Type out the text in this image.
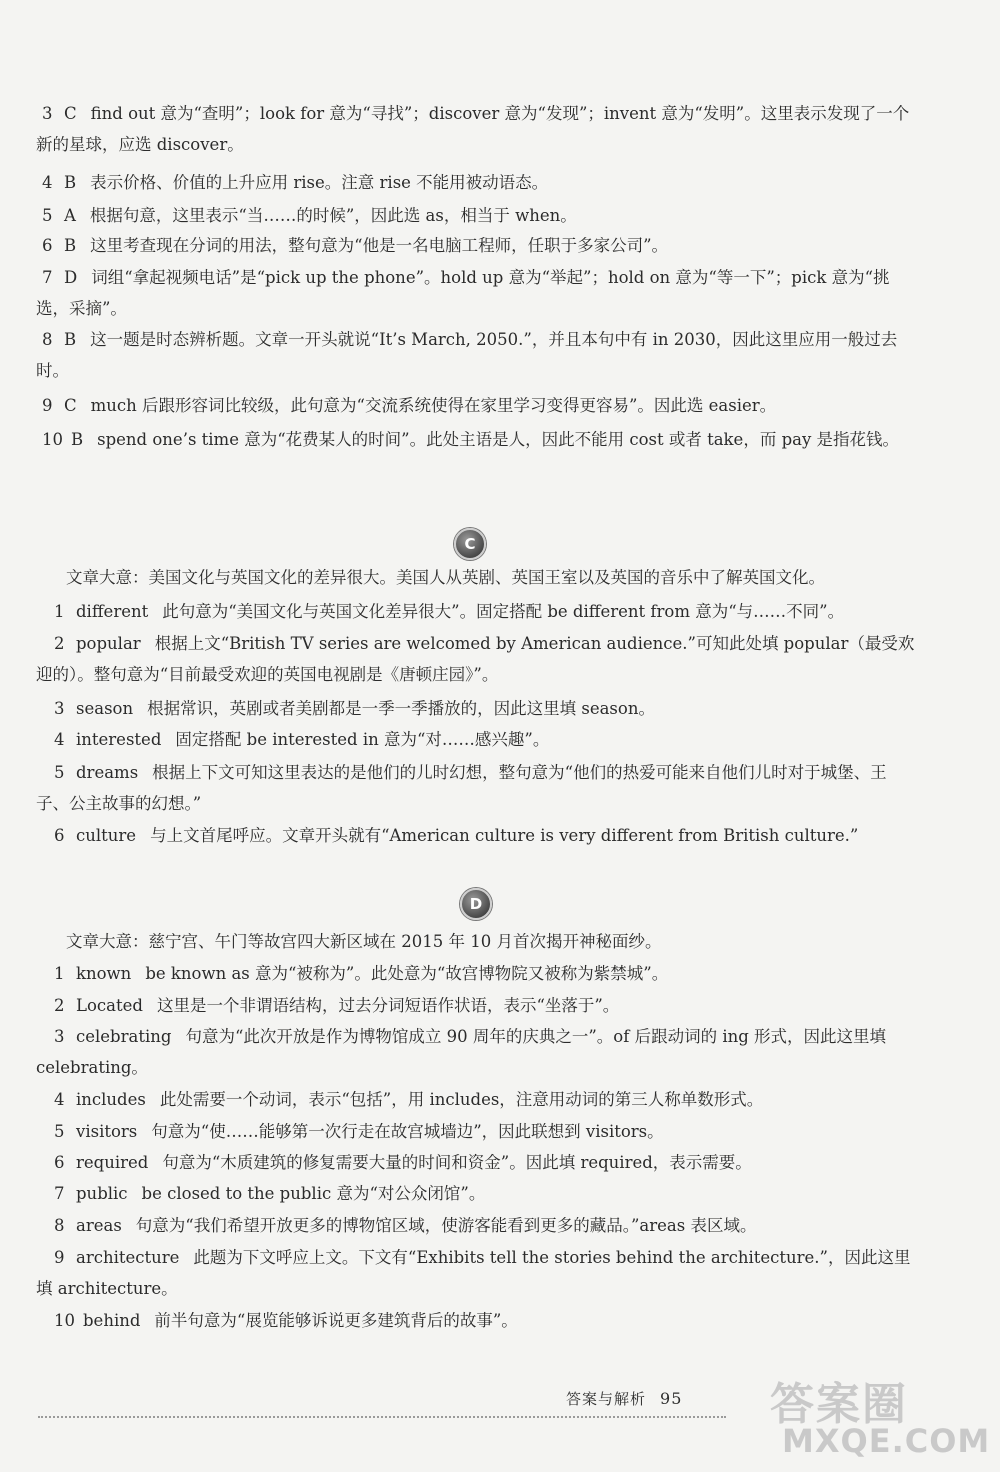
3 C find out 意为“查明”；look for 意为“寻找”；discover 意为“发现”；invent 意为“发明”。这里表示发现了一个新的星球，应选 discover。

4 B 表示价格、价值的上升应用 rise。注意 rise 不能用被动语态。

5 A 根据句意，这里表示“当……的时候”，因此选 as，相当于 when。

6 B 这里考查现在分词的用法，整句意为“他是一名电脑工程师，任职于多家公司”。

7 D 词组“拿起视频电话”是“pick up the phone”。hold up 意为“举起”；hold on 意为“等一下”；pick 意为“挑选，采摘”。

8 B 这一题是时态辨析题。文章一开头就说“It’s March, 2050.”，并且本句中有 in 2030，因此这里应用一般过去时。

9 C much 后跟形容词比较级，此句意为“交流系统使得在家里学习变得更容易”。因此选 easier。

10 B spend one’s time 意为“花费某人的时间”。此处主语是人，因此不能用 cost 或者 take，而 pay 是指花钱。

C

文章大意：美国文化与英国文化的差异很大。美国人从英剧、英国王室以及英国的音乐中了解英国文化。

1 different 此句意为“美国文化与英国文化差异很大”。固定搭配 be different from 意为“与……不同”。

2 popular 根据上文“British TV series are welcomed by American audience.”可知此处填 popular（最受欢迎的）。整句意为“目前最受欢迎的英国电视剧是《唐顿庄园》”。

3 season 根据常识，英剧或者美剧都是一季一季播放的，因此这里填 season。

4 interested 固定搭配 be interested in 意为“对……感兴趣”。

5 dreams 根据上下文可知这里表达的是他们的儿时幻想，整句意为“他们的热爱可能来自他们儿时对于城堡、王子、公主故事的幻想。”

6 culture 与上文首尾呼应。文章开头就有“American culture is very different from British culture.”

D

文章大意：慈宁宫、午门等故宫四大新区域在 2015 年 10 月首次揭开神秘面纱。

1 known be known as 意为“被称为”。此处意为“故宫博物院又被称为紫禁城”。

2 Located 这里是一个非谓语结构，过去分词短语作状语，表示“坐落于”。

3 celebrating 句意为“此次开放是作为博物馆成立 90 周年的庆典之一”。of 后跟动词的 ing 形式，因此这里填 celebrating。

4 includes 此处需要一个动词，表示“包括”，用 includes，注意用动词的第三人称单数形式。

5 visitors 句意为“使……能够第一次行走在故宫城墙边”，因此联想到 visitors。

6 required 句意为“木质建筑的修复需要大量的时间和资金”。因此填 required，表示需要。

7 public be closed to the public 意为“对公众闭馆”。

8 areas 句意为“我们希望开放更多的博物馆区域，使游客能看到更多的藏品。”areas 表区域。

9 architecture 此题为下文呼应上文。下文有“Exhibits tell the stories behind the architecture.”，因此这里填 architecture。

10 behind 前半句意为“展览能够诉说更多建筑背后的故事”。

答案与解析 95 答案圈
MXQE.COM
